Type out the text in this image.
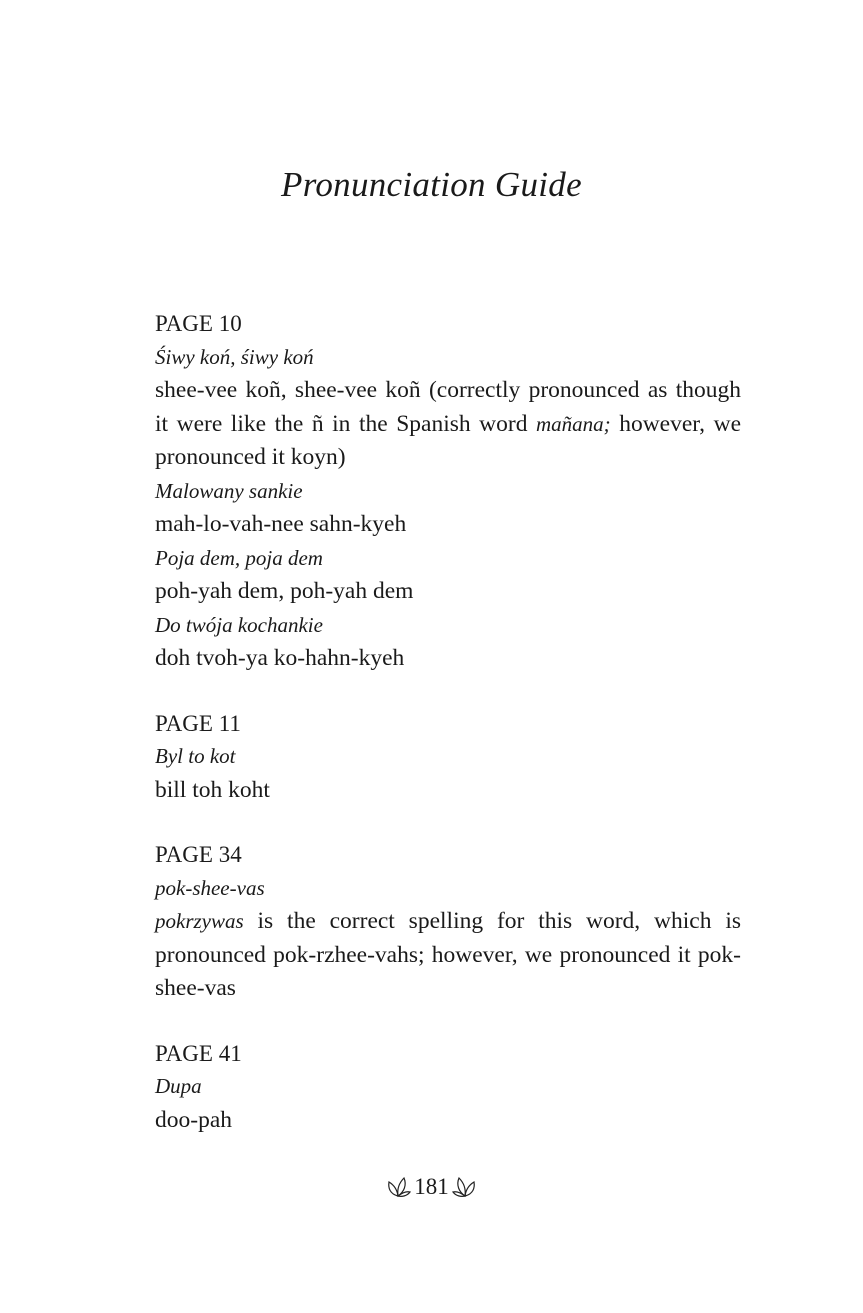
Pronunciation Guide
PAGE 10
Śiwy koń, śiwy koń
shee-vee koñ, shee-vee koñ (correctly pronounced as though it were like the ñ in the Spanish word mañana; however, we pronounced it koyn)
Malowany sankie
mah-lo-vah-nee sahn-kyeh
Poja dem, poja dem
poh-yah dem, poh-yah dem
Do twója kochankie
doh tvoh-ya ko-hahn-kyeh
PAGE 11
Byl to kot
bill toh koht
PAGE 34
pok-shee-vas
pokrzywas is the correct spelling for this word, which is pronounced pok-rzhee-vahs; however, we pronounced it pok-shee-vas
PAGE 41
Dupa
doo-pah
181
